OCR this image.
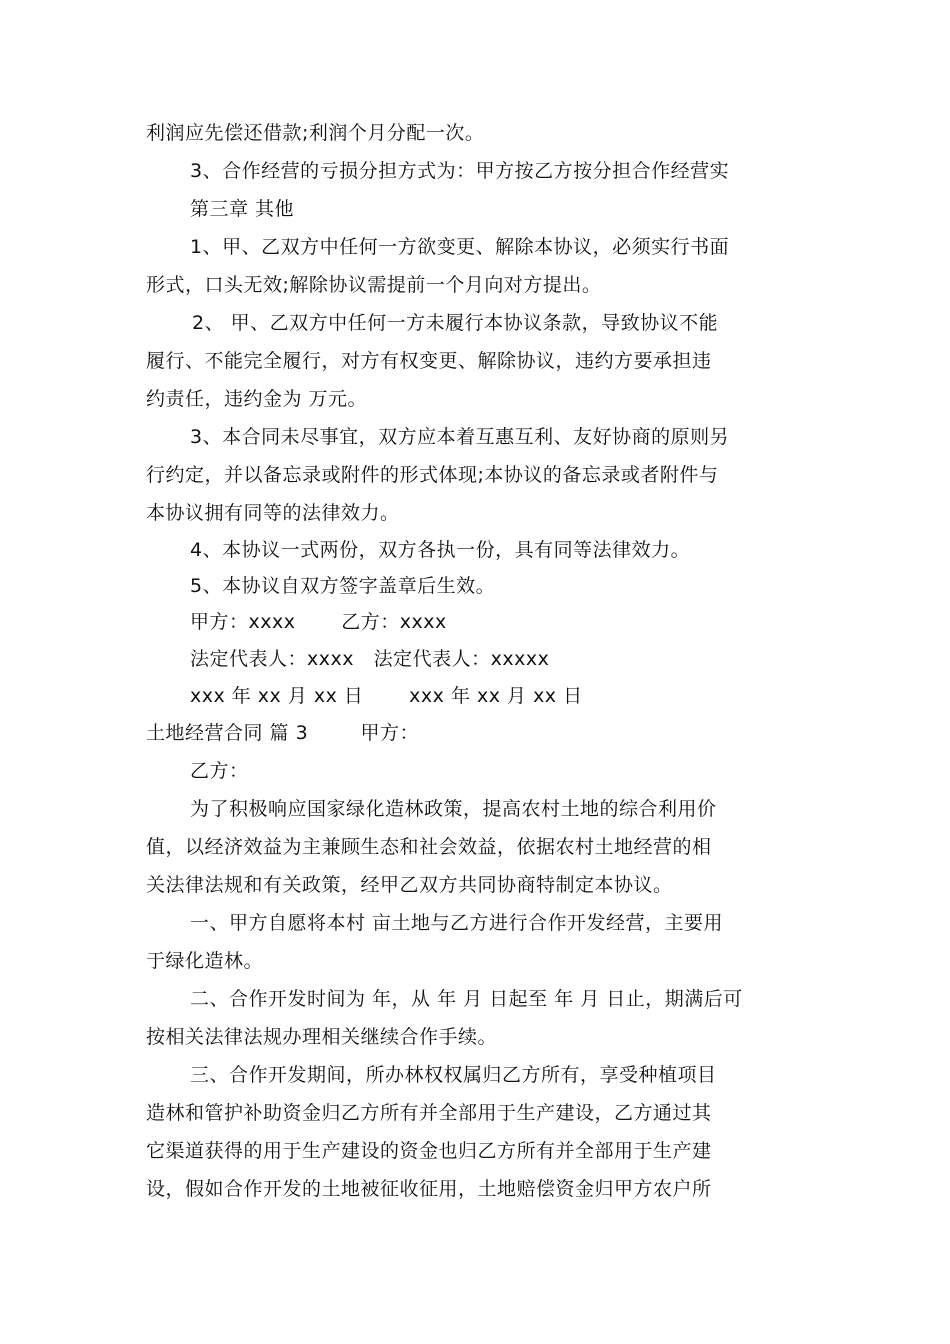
利润应先偿还借款;利润个月分配一次。
3、合作经营的亏损分担方式为：甲方按乙方按分担合作经营实
第三章 其他
1、甲、乙双方中任何一方欲变更、解除本协议，必须实行书面
形式，口头无效;解除协议需提前一个月向对方提出。
2、 甲、乙双方中任何一方未履行本协议条款，导致协议不能
履行、不能完全履行，对方有权变更、解除协议，违约方要承担违
约责任，违约金为 万元。
3、本合同未尽事宜，双方应本着互惠互利、友好协商的原则另
行约定，并以备忘录或附件的形式体现;本协议的备忘录或者附件与
本协议拥有同等的法律效力。
4、本协议一式两份，双方各执一份，具有同等法律效力。
5、本协议自双方签字盖章后生效。
甲方：xxxx       乙方：xxxx
法定代表人：xxxx   法定代表人：xxxxx
xxx 年 xx 月 xx 日       xxx 年 xx 月 xx 日
土地经营合同 篇 3        甲方：
乙方：
为了积极响应国家绿化造林政策，提高农村土地的综合利用价
值，以经济效益为主兼顾生态和社会效益，依据农村土地经营的相
关法律法规和有关政策，经甲乙双方共同协商特制定本协议。
一、甲方自愿将本村 亩土地与乙方进行合作开发经营，主要用
于绿化造林。
二、合作开发时间为 年，从 年 月 日起至 年 月 日止，期满后可
按相关法律法规办理相关继续合作手续。
三、合作开发期间，所办林权权属归乙方所有，享受种植项目
造林和管护补助资金归乙方所有并全部用于生产建设，乙方通过其
它渠道获得的用于生产建设的资金也归乙方所有并全部用于生产建
设，假如合作开发的土地被征收征用，土地赔偿资金归甲方农户所
